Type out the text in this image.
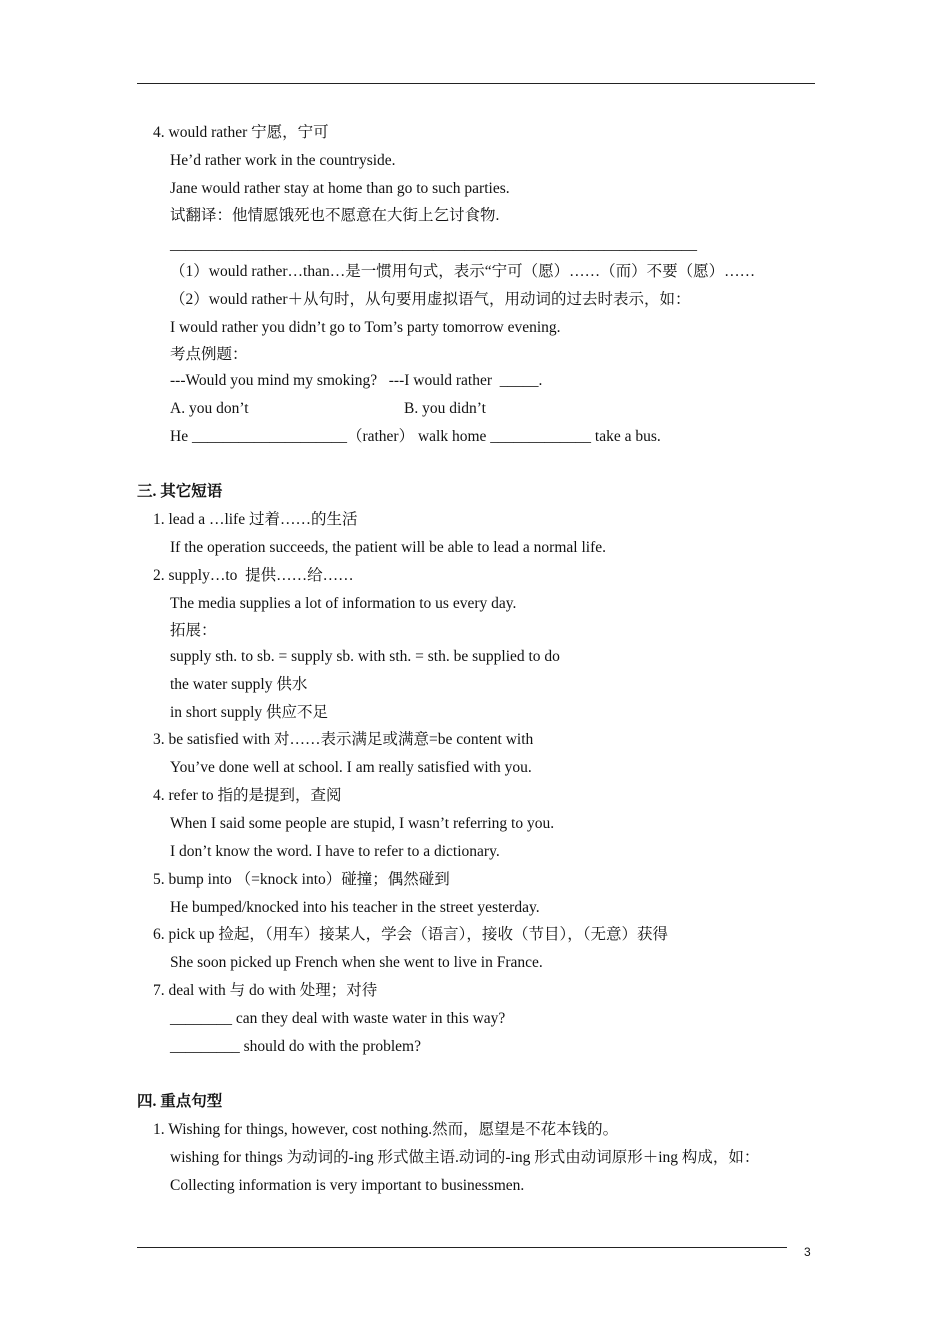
4. would rather 宁愿，宁可
He’d rather work in the countryside.
Jane would rather stay at home than go to such parties.
试翻译：他情愿饿死也不愿意在大街上乞讨食物.
____________________________________________________________________
（1）would rather…than…是一惯用句式，表示“宁可（愿）……（而）不要（愿）……
（2）would rather＋从句时，从句要用虚拟语气，用动词的过去时表示，如：
I would rather you didn’t go to Tom’s party tomorrow evening.
考点例题：
---Would you mind my smoking?   ---I would rather  _____.
A. you don’t	B. you didn’t
He ____________________（rather） walk home _____________ take a bus.
三. 其它短语
1. lead a …life 过着……的生活
If the operation succeeds, the patient will be able to lead a normal life.
2. supply…to  提供……给……
The media supplies a lot of information to us every day.
拓展：
supply sth. to sb. = supply sb. with sth. = sth. be supplied to do
the water supply 供水
in short supply 供应不足
3. be satisfied with 对……表示满足或满意=be content with
You’ve done well at school. I am really satisfied with you.
4. refer to 指的是提到，查阅
When I said some people are stupid, I wasn’t referring to you.
I don’t know the word. I have to refer to a dictionary.
5. bump into （=knock into）碰撞；偶然碰到
He bumped/knocked into his teacher in the street yesterday.
6. pick up 捡起，（用车）接某人，学会（语言），接收（节目），（无意）获得
She soon picked up French when she went to live in France.
7. deal with 与 do with 处理；对待
________ can they deal with waste water in this way?
_________ should do with the problem?
四. 重点句型
1. Wishing for things, however, cost nothing.然而，愿望是不花本钱的。
wishing for things 为动词的-ing 形式做主语.动词的-ing 形式由动词原形＋ing 构成，如：
Collecting information is very important to businessmen.
3
